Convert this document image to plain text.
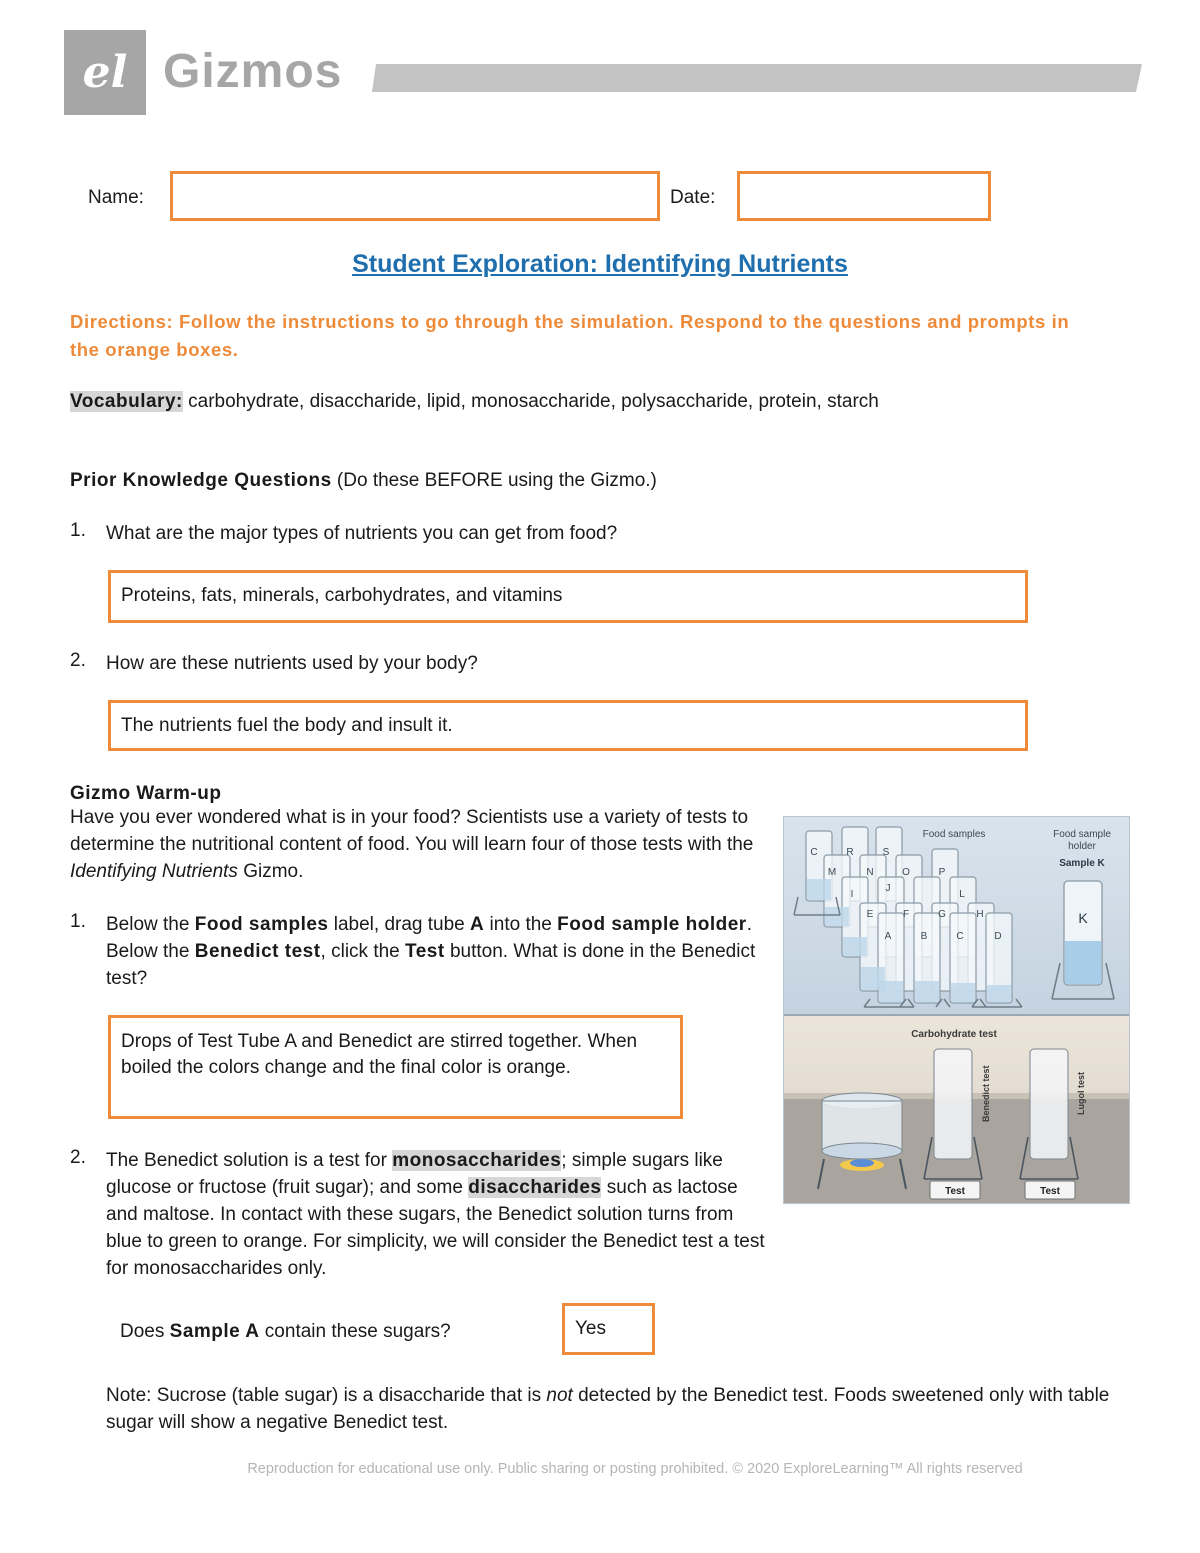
el Gizmos
Name:	Date:
Student Exploration: Identifying Nutrients
Directions: Follow the instructions to go through the simulation. Respond to the questions and prompts in the orange boxes.
Vocabulary: carbohydrate, disaccharide, lipid, monosaccharide, polysaccharide, protein, starch
Prior Knowledge Questions (Do these BEFORE using the Gizmo.)
1. What are the major types of nutrients you can get from food?
Proteins, fats, minerals, carbohydrates, and vitamins
2. How are these nutrients used by your body?
The nutrients fuel the body and insult it.
Gizmo Warm-up
Have you ever wondered what is in your food? Scientists use a variety of tests to determine the nutritional content of food. You will learn four of those tests with the Identifying Nutrients Gizmo.
1. Below the Food samples label, drag tube A into the Food sample holder. Below the Benedict test, click the Test button. What is done in the Benedict test?
Drops of Test Tube A and Benedict are stirred together. When boiled the colors change and the final color is orange.
2. The Benedict solution is a test for monosaccharides; simple sugars like glucose or fructose (fruit sugar); and some disaccharides such as lactose and maltose. In contact with these sugars, the Benedict solution turns from blue to green to orange. For simplicity, we will consider the Benedict test a test for monosaccharides only.
Does Sample A contain these sugars?	Yes
Note: Sucrose (table sugar) is a disaccharide that is not detected by the Benedict test. Foods sweetened only with table sugar will show a negative Benedict test.
C	R	S
M	N	O	P
I
J
L
E	F	G	H
A	B	C	D
Food samples	Food sample
holder
Sample K
K
Carbohydrate test
Benedict test	Lugol test
Test	Test
Reproduction for educational use only. Public sharing or posting prohibited. © 2020 ExploreLearning™ All rights reserved
